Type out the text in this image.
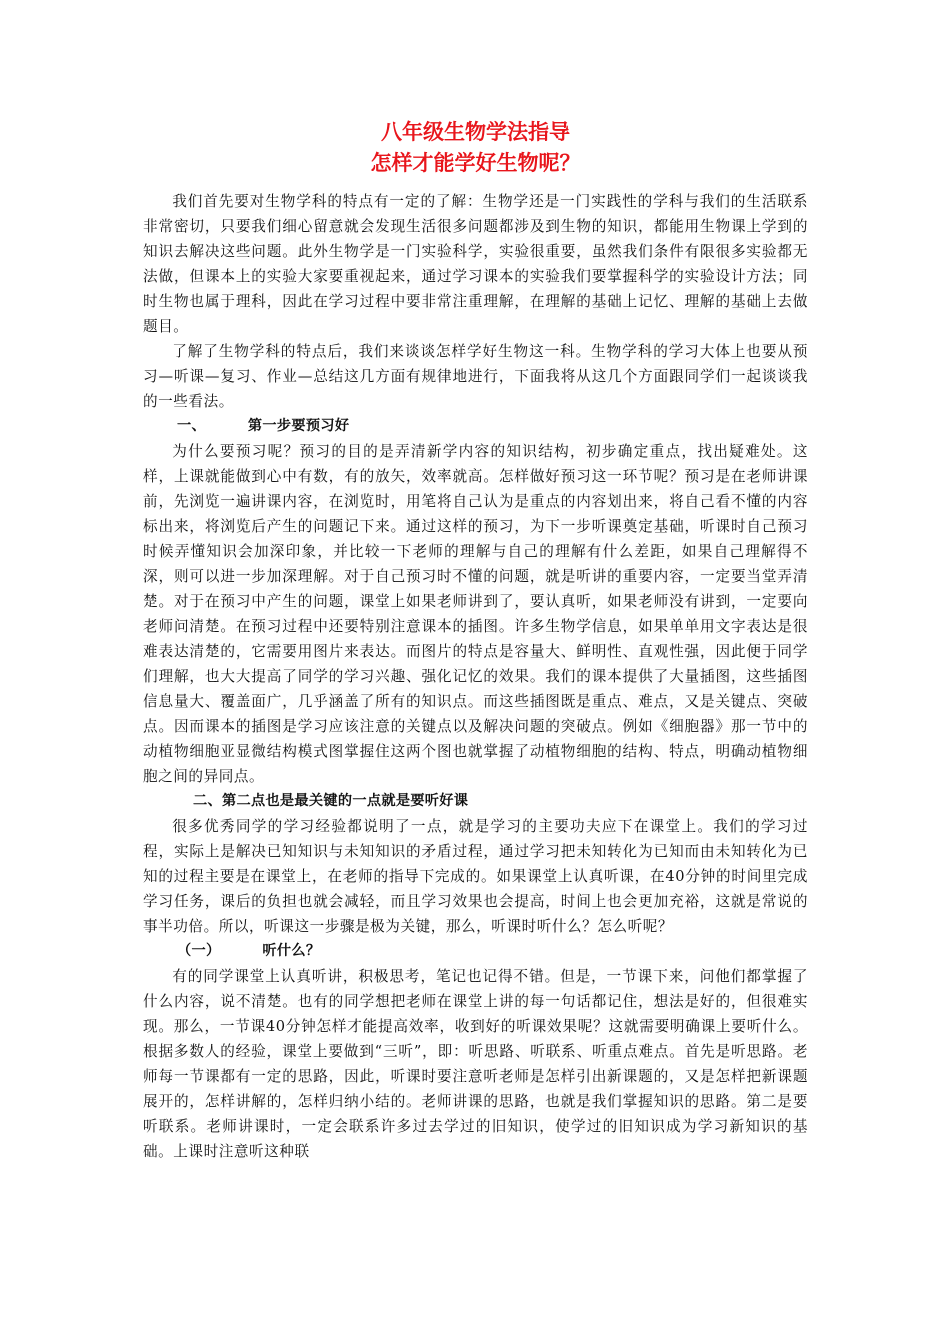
八年级生物学法指导
怎样才能学好生物呢？

我们首先要对生物学科的特点有一定的了解：生物学还是一门实践性的学科与我们的生活联系非常密切，只要我们细心留意就会发现生活很多问题都涉及到生物的知识，都能用生物课上学到的知识去解决这些问题。此外生物学是一门实验科学，实验很重要，虽然我们条件有限很多实验都无法做，但课本上的实验大家要重视起来，通过学习课本的实验我们要掌握科学的实验设计方法；同时生物也属于理科，因此在学习过程中要非常注重理解，在理解的基础上记忆、理解的基础上去做题目。

了解了生物学科的特点后，我们来谈谈怎样学好生物这一科。生物学科的学习大体上也要从预习—听课—复习、作业—总结这几方面有规律地进行，下面我将从这几个方面跟同学们一起谈谈我的一些看法。

一、        第一步要预习好

为什么要预习呢？预习的目的是弄清新学内容的知识结构，初步确定重点，找出疑难处。这样，上课就能做到心中有数，有的放矢，效率就高。怎样做好预习这一环节呢？预习是在老师讲课前，先浏览一遍讲课内容，在浏览时，用笔将自己认为是重点的内容划出来，将自己看不懂的内容标出来，将浏览后产生的问题记下来。通过这样的预习，为下一步听课奠定基础，听课时自己预习时候弄懂知识会加深印象，并比较一下老师的理解与自己的理解有什么差距，如果自己理解得不深，则可以进一步加深理解。对于自己预习时不懂的问题，就是听讲的重要内容，一定要当堂弄清楚。对于在预习中产生的问题，课堂上如果老师讲到了，要认真听，如果老师没有讲到，一定要向老师问清楚。在预习过程中还要特别注意课本的插图。许多生物学信息，如果单单用文字表达是很难表达清楚的，它需要用图片来表达。而图片的特点是容量大、鲜明性、直观性强，因此便于同学们理解，也大大提高了同学的学习兴趣、强化记忆的效果。我们的课本提供了大量插图，这些插图信息量大、覆盖面广，几乎涵盖了所有的知识点。而这些插图既是重点、难点，又是关键点、突破点。因而课本的插图是学习应该注意的关键点以及解决问题的突破点。例如《细胞器》那一节中的动植物细胞亚显微结构模式图掌握住这两个图也就掌握了动植物细胞的结构、特点，明确动植物细胞之间的异同点。

二、第二点也是最关键的一点就是要听好课

很多优秀同学的学习经验都说明了一点，就是学习的主要功夫应下在课堂上。我们的学习过程，实际上是解决已知知识与未知知识的矛盾过程，通过学习把未知转化为已知而由未知转化为已知的过程主要是在课堂上，在老师的指导下完成的。如果课堂上认真听课，在40分钟的时间里完成学习任务，课后的负担也就会减轻，而且学习效果也会提高，时间上也会更加充裕，这就是常说的事半功倍。所以，听课这一步骤是极为关键，那么，听课时听什么？怎么听呢？

（一）        听什么？

有的同学课堂上认真听讲，积极思考，笔记也记得不错。但是，一节课下来，问他们都掌握了什么内容，说不清楚。也有的同学想把老师在课堂上讲的每一句话都记住，想法是好的，但很难实现。那么，一节课40分钟怎样才能提高效率，收到好的听课效果呢？这就需要明确课上要听什么。根据多数人的经验，课堂上要做到“三听”，即：听思路、听联系、听重点难点。首先是听思路。老师每一节课都有一定的思路，因此，听课时要注意听老师是怎样引出新课题的，又是怎样把新课题展开的，怎样讲解的，怎样归纳小结的。老师讲课的思路，也就是我们掌握知识的思路。第二是要听联系。老师讲课时，一定会联系许多过去学过的旧知识，使学过的旧知识成为学习新知识的基础。上课时注意听这种联
